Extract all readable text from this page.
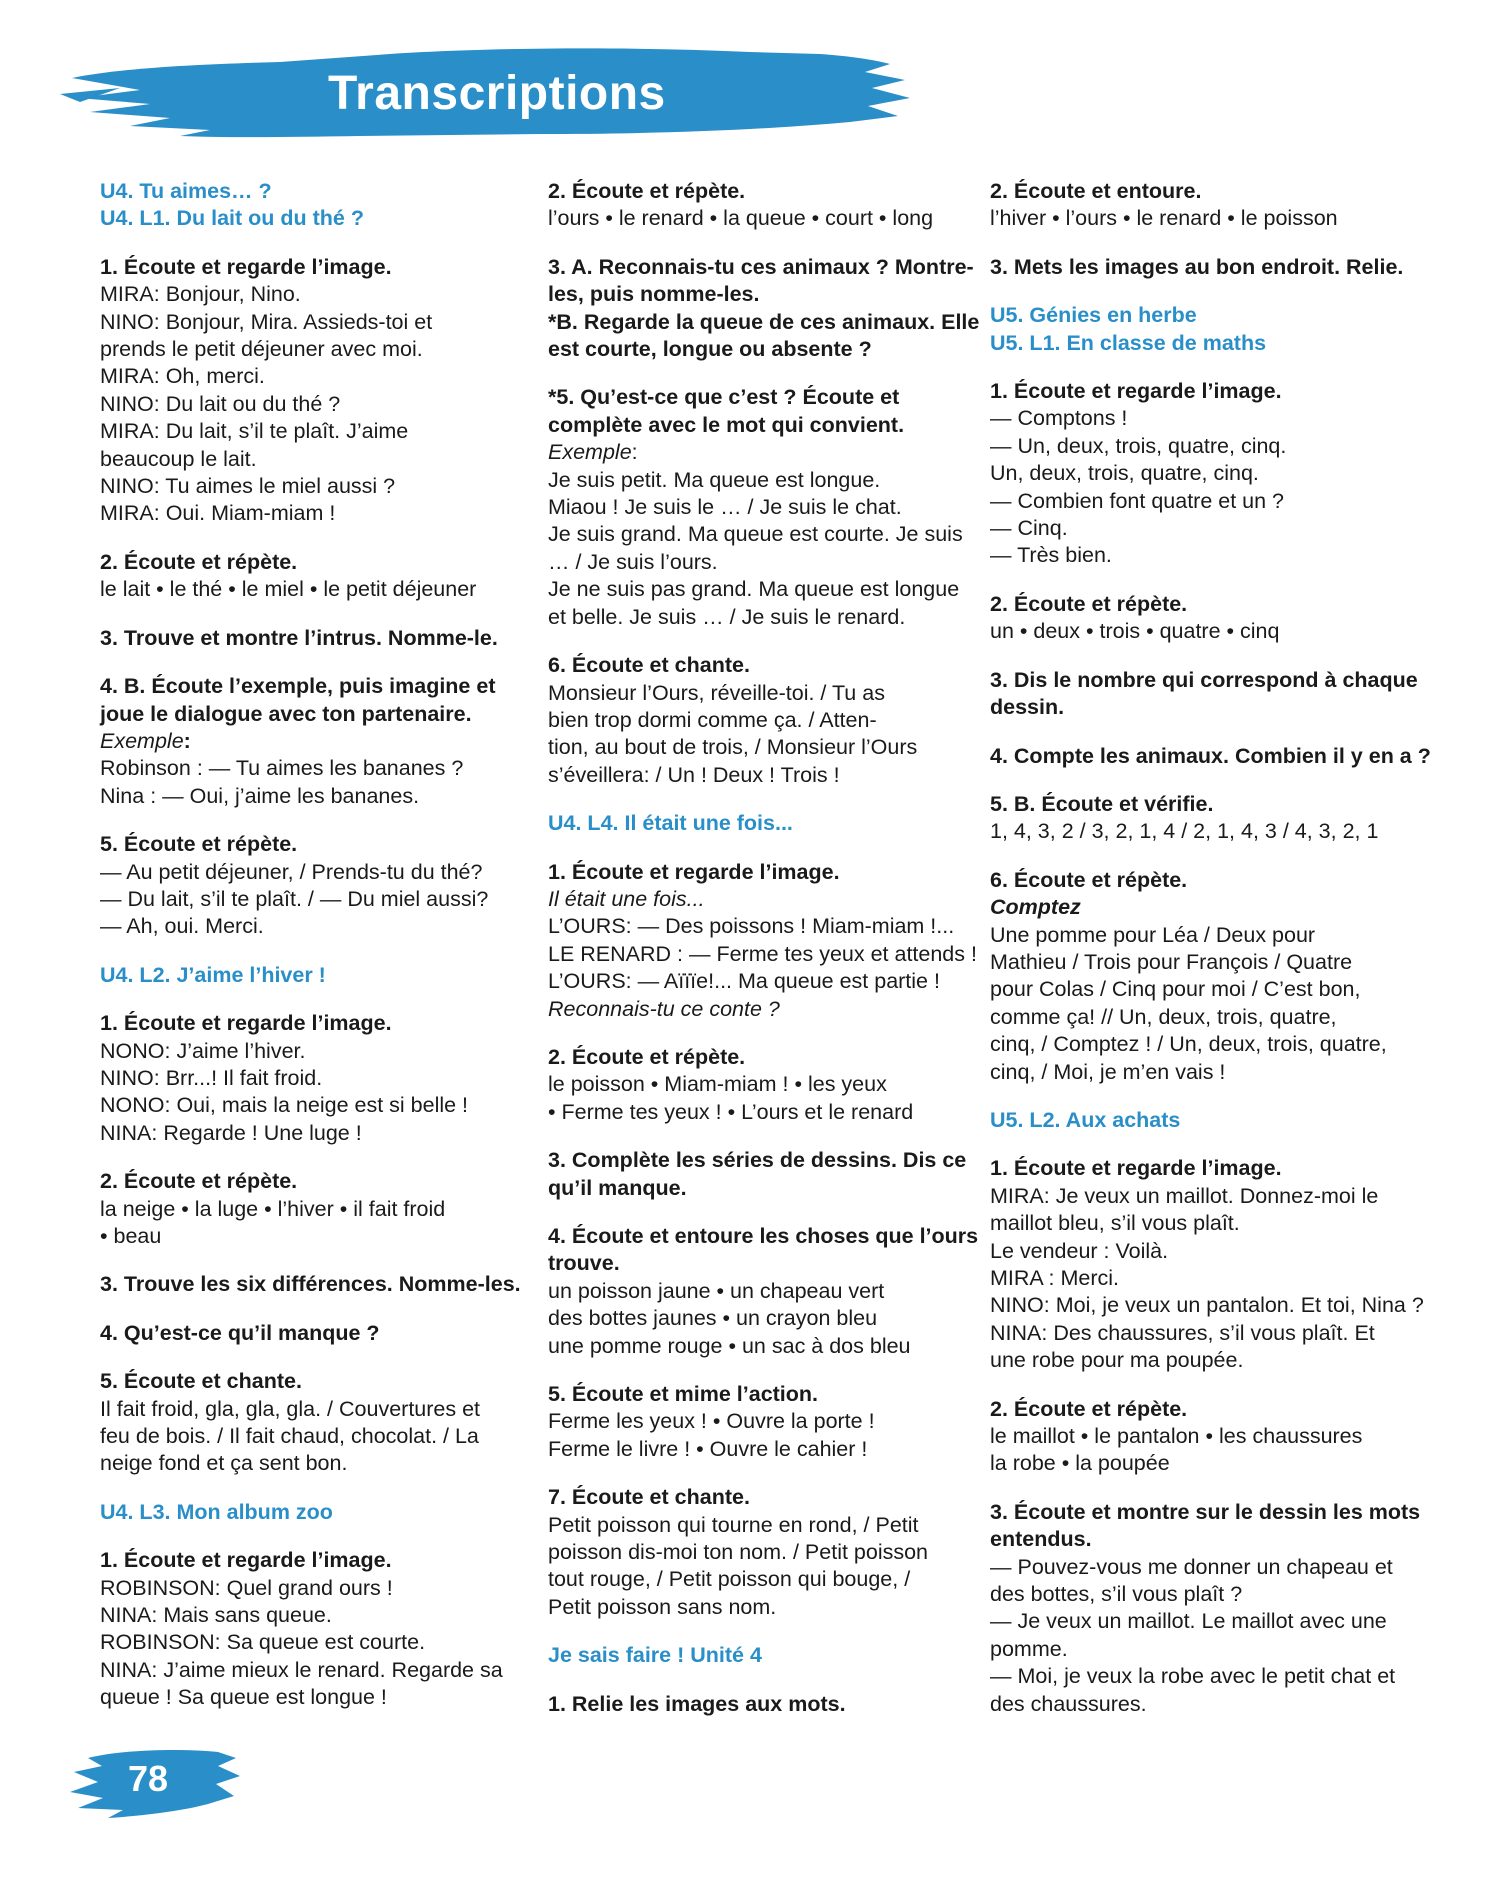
Transcriptions

U4. Tu aimes… ?
U4. L1. Du lait ou du thé ?

1. Écoute et regarde l’image.
MIRA: Bonjour, Nino.
NINO: Bonjour, Mira. Assieds-toi et
prends le petit déjeuner avec moi.
MIRA: Oh, merci.
NINO: Du lait ou du thé ?
MIRA: Du lait, s’il te plaît. J’aime
beaucoup le lait.
NINO: Tu aimes le miel aussi ?
MIRA: Oui. Miam-miam !

2. Écoute et répète.
le lait • le thé • le miel • le petit déjeuner

3. Trouve et montre l’intrus. Nomme-le.

4. B. Écoute l’exemple, puis imagine et
joue le dialogue avec ton partenaire.
Exemple:
Robinson : — Tu aimes les bananes ?
Nina : — Oui, j’aime les bananes.

5. Écoute et répète.
— Au petit déjeuner, / Prends-tu du thé?
— Du lait, s’il te plaît. / — Du miel aussi?
— Ah, oui. Merci.

U4. L2. J’aime l’hiver !

1. Écoute et regarde l’image.
NONO: J’aime l’hiver.
NINO: Brr...! Il fait froid.
NONO: Oui, mais la neige est si belle !
NINA: Regarde ! Une luge !

2. Écoute et répète.
la neige • la luge • l’hiver • il fait froid
• beau

3. Trouve les six différences. Nomme-les.

4. Qu’est-ce qu’il manque ?

5. Écoute et chante.
Il fait froid, gla, gla, gla. / Couvertures et
feu de bois. / Il fait chaud, chocolat. / La
neige fond et ça sent bon.

U4. L3. Mon album zoo

1. Écoute et regarde l’image.
ROBINSON: Quel grand ours !
NINA: Mais sans queue.
ROBINSON: Sa queue est courte.
NINA: J’aime mieux le renard. Regarde sa
queue ! Sa queue est longue !

2. Écoute et répète.
l’ours • le renard • la queue • court • long

3. A. Reconnais-tu ces animaux ? Montre-
les, puis nomme-les.
*B. Regarde la queue de ces animaux. Elle
est courte, longue ou absente ?

*5. Qu’est-ce que c’est ? Écoute et
complète avec le mot qui convient.
Exemple:
Je suis petit. Ma queue est longue.
Miaou ! Je suis le … / Je suis le chat.
Je suis grand. Ma queue est courte. Je suis
… / Je suis l’ours.
Je ne suis pas grand. Ma queue est longue
et belle. Je suis … / Je suis le renard.

6. Écoute et chante.
Monsieur l’Ours, réveille-toi. / Tu as
bien trop dormi comme ça. / Atten-
tion, au bout de trois, / Monsieur l’Ours
s’éveillera: / Un ! Deux ! Trois !

U4. L4. Il était une fois...

1. Écoute et regarde l’image.
Il était une fois...
L’OURS: — Des poissons ! Miam-miam !...
LE RENARD : — Ferme tes yeux et attends !
L’OURS: — Aïïïe!... Ma queue est partie !
Reconnais-tu ce conte ?

2. Écoute et répète.
le poisson • Miam-miam ! • les yeux
• Ferme tes yeux ! • L’ours et le renard

3. Complète les séries de dessins. Dis ce
qu’il manque.

4. Écoute et entoure les choses que l’ours
trouve.
un poisson jaune • un chapeau vert
des bottes jaunes • un crayon bleu
une pomme rouge • un sac à dos bleu

5. Écoute et mime l’action.
Ferme les yeux ! • Ouvre la porte !
Ferme le livre ! • Ouvre le cahier !

7. Écoute et chante.
Petit poisson qui tourne en rond, / Petit
poisson dis-moi ton nom. / Petit poisson
tout rouge, / Petit poisson qui bouge, /
Petit poisson sans nom.

Je sais faire ! Unité 4

1. Relie les images aux mots.

2. Écoute et entoure.
l’hiver • l’ours • le renard • le poisson

3. Mets les images au bon endroit. Relie.

U5. Génies en herbe
U5. L1. En classe de maths

1. Écoute et regarde l’image.
— Comptons !
— Un, deux, trois, quatre, cinq.
Un, deux, trois, quatre, cinq.
— Combien font quatre et un ?
— Cinq.
— Très bien.

2. Écoute et répète.
un • deux • trois • quatre • cinq

3. Dis le nombre qui correspond à chaque
dessin.

4. Compte les animaux. Combien il y en a ?

5. B. Écoute et vérifie.
1, 4, 3, 2 / 3, 2, 1, 4 / 2, 1, 4, 3 / 4, 3, 2, 1

6. Écoute et répète.
Comptez
Une pomme pour Léa / Deux pour
Mathieu / Trois pour François / Quatre
pour Colas / Cinq pour moi / C’est bon,
comme ça! // Un, deux, trois, quatre,
cinq, / Comptez ! / Un, deux, trois, quatre,
cinq, / Moi, je m’en vais !

U5. L2. Aux achats

1. Écoute et regarde l’image.
MIRA: Je veux un maillot. Donnez-moi le
maillot bleu, s’il vous plaît.
Le vendeur : Voilà.
MIRA : Merci.
NINO: Moi, je veux un pantalon. Et toi, Nina ?
NINA: Des chaussures, s’il vous plaît. Et
une robe pour ma poupée.

2. Écoute et répète.
le maillot • le pantalon • les chaussures
la robe • la poupée

3. Écoute et montre sur le dessin les mots
entendus.
— Pouvez-vous me donner un chapeau et
des bottes, s’il vous plaît ?
— Je veux un maillot. Le maillot avec une
pomme.
— Moi, je veux la robe avec le petit chat et
des chaussures.

78
